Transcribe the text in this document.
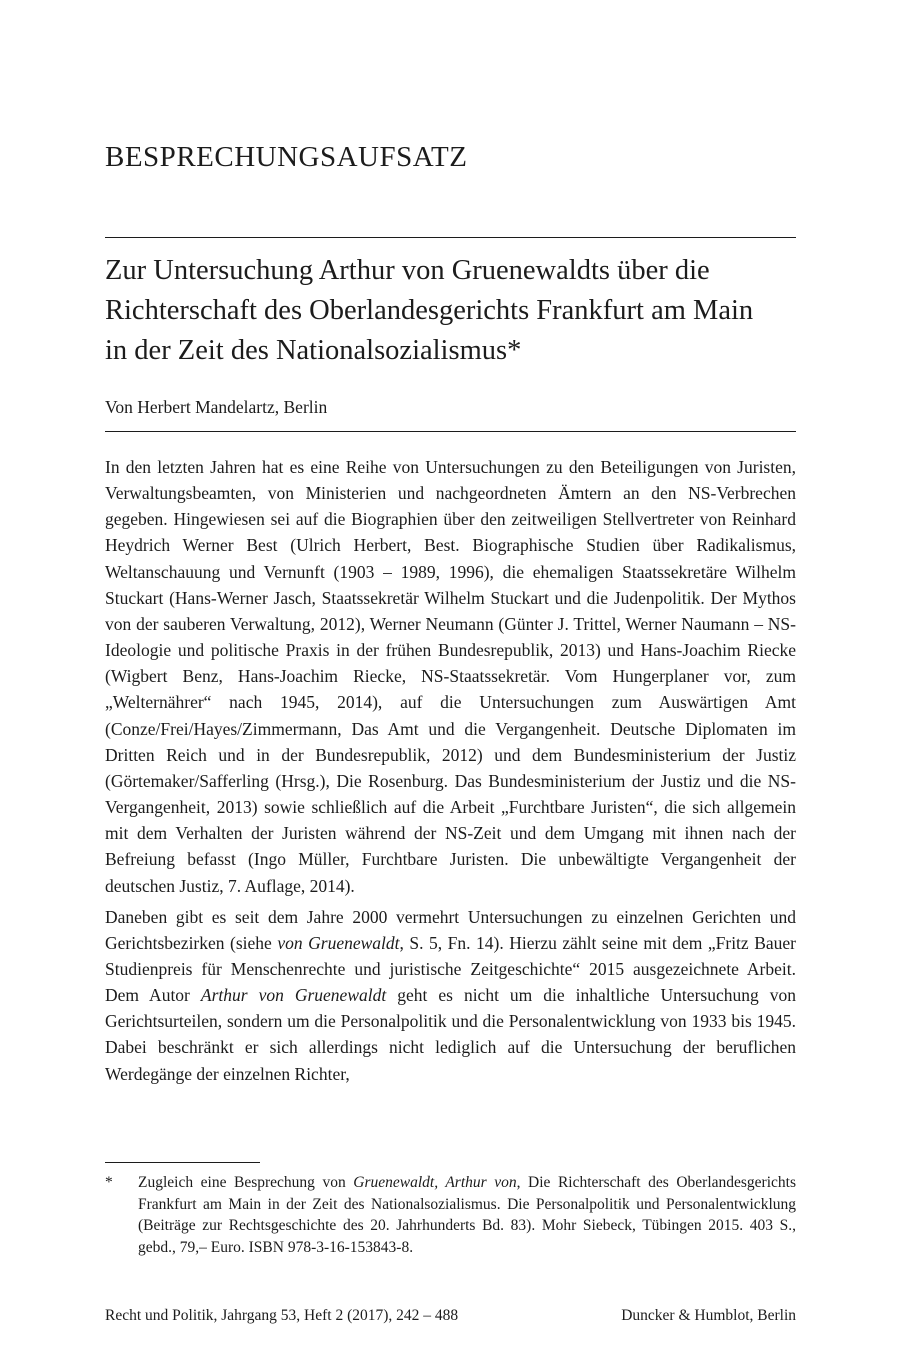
BESPRECHUNGSAUFSATZ
Zur Untersuchung Arthur von Gruenewaldts über die
Richterschaft des Oberlandesgerichts Frankfurt am Main
in der Zeit des Nationalsozialismus*

Von Herbert Mandelartz, Berlin

In den letzten Jahren hat es eine Reihe von Untersuchungen zu den Beteiligungen von Juristen, Verwaltungsbeamten, von Ministerien und nachgeordneten Ämtern an den NS-Verbrechen gegeben. Hingewiesen sei auf die Biographien über den zeitweiligen Stellvertreter von Reinhard Heydrich Werner Best (Ulrich Herbert, Best. Biographische Studien über Radikalismus, Weltanschauung und Vernunft (1903 – 1989, 1996), die ehemaligen Staatssekretäre Wilhelm Stuckart (Hans-Werner Jasch, Staatssekretär Wilhelm Stuckart und die Judenpolitik. Der Mythos von der sauberen Verwaltung, 2012), Werner Neumann (Günter J. Trittel, Werner Naumann – NS-Ideologie und politische Praxis in der frühen Bundesrepublik, 2013) und Hans-Joachim Riecke (Wigbert Benz, Hans-Joachim Riecke, NS-Staatssekretär. Vom Hungerplaner vor, zum „Welternährer“ nach 1945, 2014), auf die Untersuchungen zum Auswärtigen Amt (Conze/Frei/Hayes/Zimmermann, Das Amt und die Vergangenheit. Deutsche Diplomaten im Dritten Reich und in der Bundesrepublik, 2012) und dem Bundesministerium der Justiz (Görtemaker/Safferling (Hrsg.), Die Rosenburg. Das Bundesministerium der Justiz und die NS-Vergangenheit, 2013) sowie schließlich auf die Arbeit „Furchtbare Juristen“, die sich allgemein mit dem Verhalten der Juristen während der NS-Zeit und dem Umgang mit ihnen nach der Befreiung befasst (Ingo Müller, Furchtbare Juristen. Die unbewältigte Vergangenheit der deutschen Justiz, 7. Auflage, 2014).

Daneben gibt es seit dem Jahre 2000 vermehrt Untersuchungen zu einzelnen Gerichten und Gerichtsbezirken (siehe von Gruenewaldt, S. 5, Fn. 14). Hierzu zählt seine mit dem „Fritz Bauer Studienpreis für Menschenrechte und juristische Zeitgeschichte“ 2015 ausgezeichnete Arbeit. Dem Autor Arthur von Gruenewaldt geht es nicht um die inhaltliche Untersuchung von Gerichtsurteilen, sondern um die Personalpolitik und die Personalentwicklung von 1933 bis 1945. Dabei beschränkt er sich allerdings nicht lediglich auf die Untersuchung der beruflichen Werdegänge der einzelnen Richter,

* Zugleich eine Besprechung von Gruenewaldt, Arthur von, Die Richterschaft des Oberlandesgerichts Frankfurt am Main in der Zeit des Nationalsozialismus. Die Personalpolitik und Personalentwicklung (Beiträge zur Rechtsgeschichte des 20. Jahrhunderts Bd. 83). Mohr Siebeck, Tübingen 2015. 403 S., gebd., 79,– Euro. ISBN 978-3-16-153843-8.
Recht und Politik, Jahrgang 53, Heft 2 (2017), 242 – 488	Duncker & Humblot, Berlin
